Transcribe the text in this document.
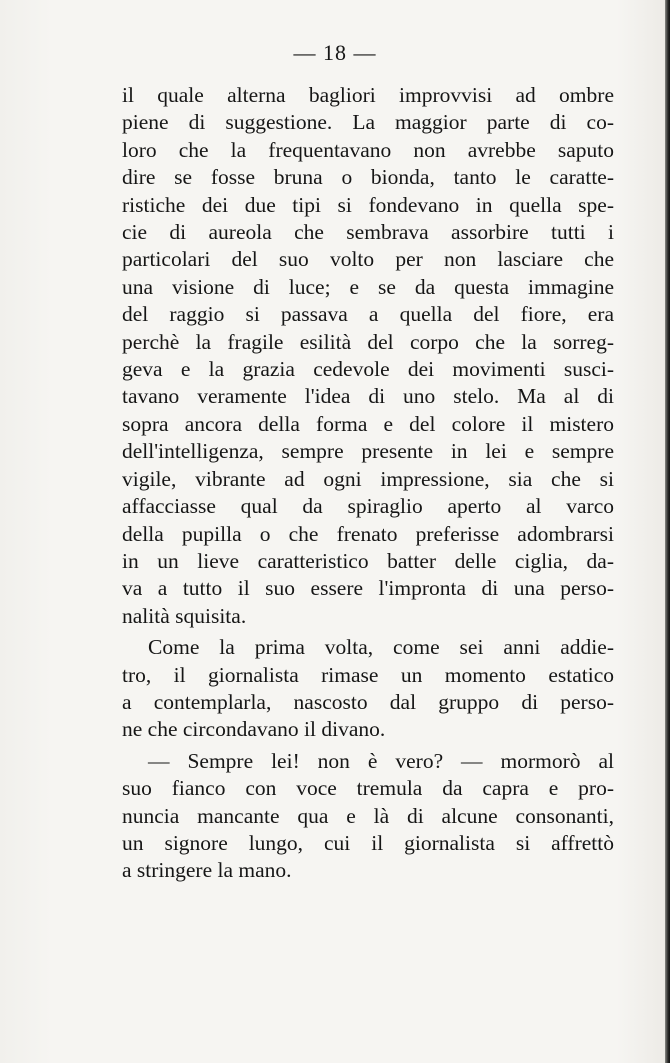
— 18 —
il quale alterna bagliori improvvisi ad ombre
piene di suggestione. La maggior parte di co-
loro che la frequentavano non avrebbe saputo
dire se fosse bruna o bionda, tanto le caratte-
ristiche dei due tipi si fondevano in quella spe-
cie di aureola che sembrava assorbire tutti i
particolari del suo volto per non lasciare che
una visione di luce; e se da questa immagine
del raggio si passava a quella del fiore, era
perchè la fragile esilità del corpo che la sorreg-
geva e la grazia cedevole dei movimenti susci-
tavano veramente l'idea di uno stelo. Ma al di
sopra ancora della forma e del colore il mistero
dell'intelligenza, sempre presente in lei e sempre
vigile, vibrante ad ogni impressione, sia che si
affacciasse qual da spiraglio aperto al varco
della pupilla o che frenato preferisse adombrarsi
in un lieve caratteristico batter delle ciglia, da-
va a tutto il suo essere l'impronta di una perso-
nalità squisita.
Come la prima volta, come sei anni addie-
tro, il giornalista rimase un momento estatico
a contemplarla, nascosto dal gruppo di perso-
ne che circondavano il divano.
— Sempre lei! non è vero? — mormorò al
suo fianco con voce tremula da capra e pro-
nuncia mancante qua e là di alcune consonanti,
un signore lungo, cui il giornalista si affrettò
a stringere la mano.
